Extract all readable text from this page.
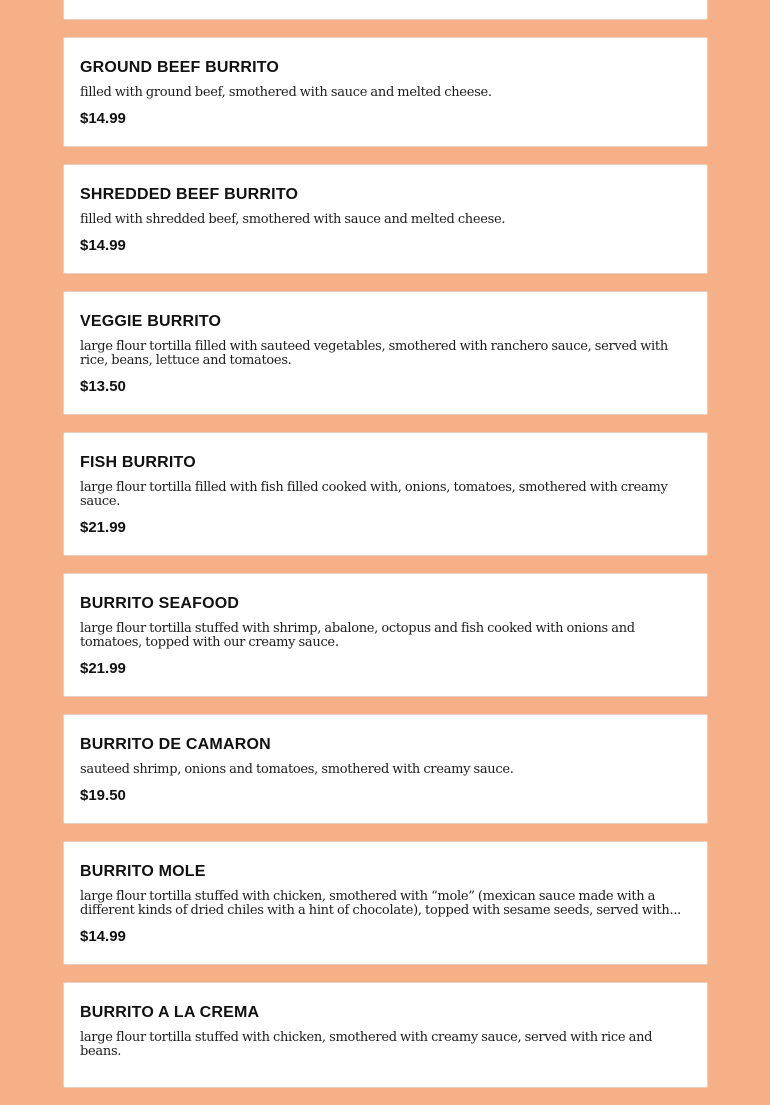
GROUND BEEF BURRITO
filled with ground beef, smothered with sauce and melted cheese.
$14.99
SHREDDED BEEF BURRITO
filled with shredded beef, smothered with sauce and melted cheese.
$14.99
VEGGIE BURRITO
large flour tortilla filled with sauteed vegetables, smothered with ranchero sauce, served with rice, beans, lettuce and tomatoes.
$13.50
FISH BURRITO
large flour tortilla filled with fish filled cooked with, onions, tomatoes, smothered with creamy sauce.
$21.99
BURRITO SEAFOOD
large flour tortilla stuffed with shrimp, abalone, octopus and fish cooked with onions and tomatoes, topped with our creamy sauce.
$21.99
BURRITO DE CAMARON
sauteed shrimp, onions and tomatoes, smothered with creamy sauce.
$19.50
BURRITO MOLE
large flour tortilla stuffed with chicken, smothered with “mole” (mexican sauce made with a different kinds of dried chiles with a hint of chocolate), topped with sesame seeds, served with...
$14.99
BURRITO A LA CREMA
large flour tortilla stuffed with chicken, smothered with creamy sauce, served with rice and beans.
